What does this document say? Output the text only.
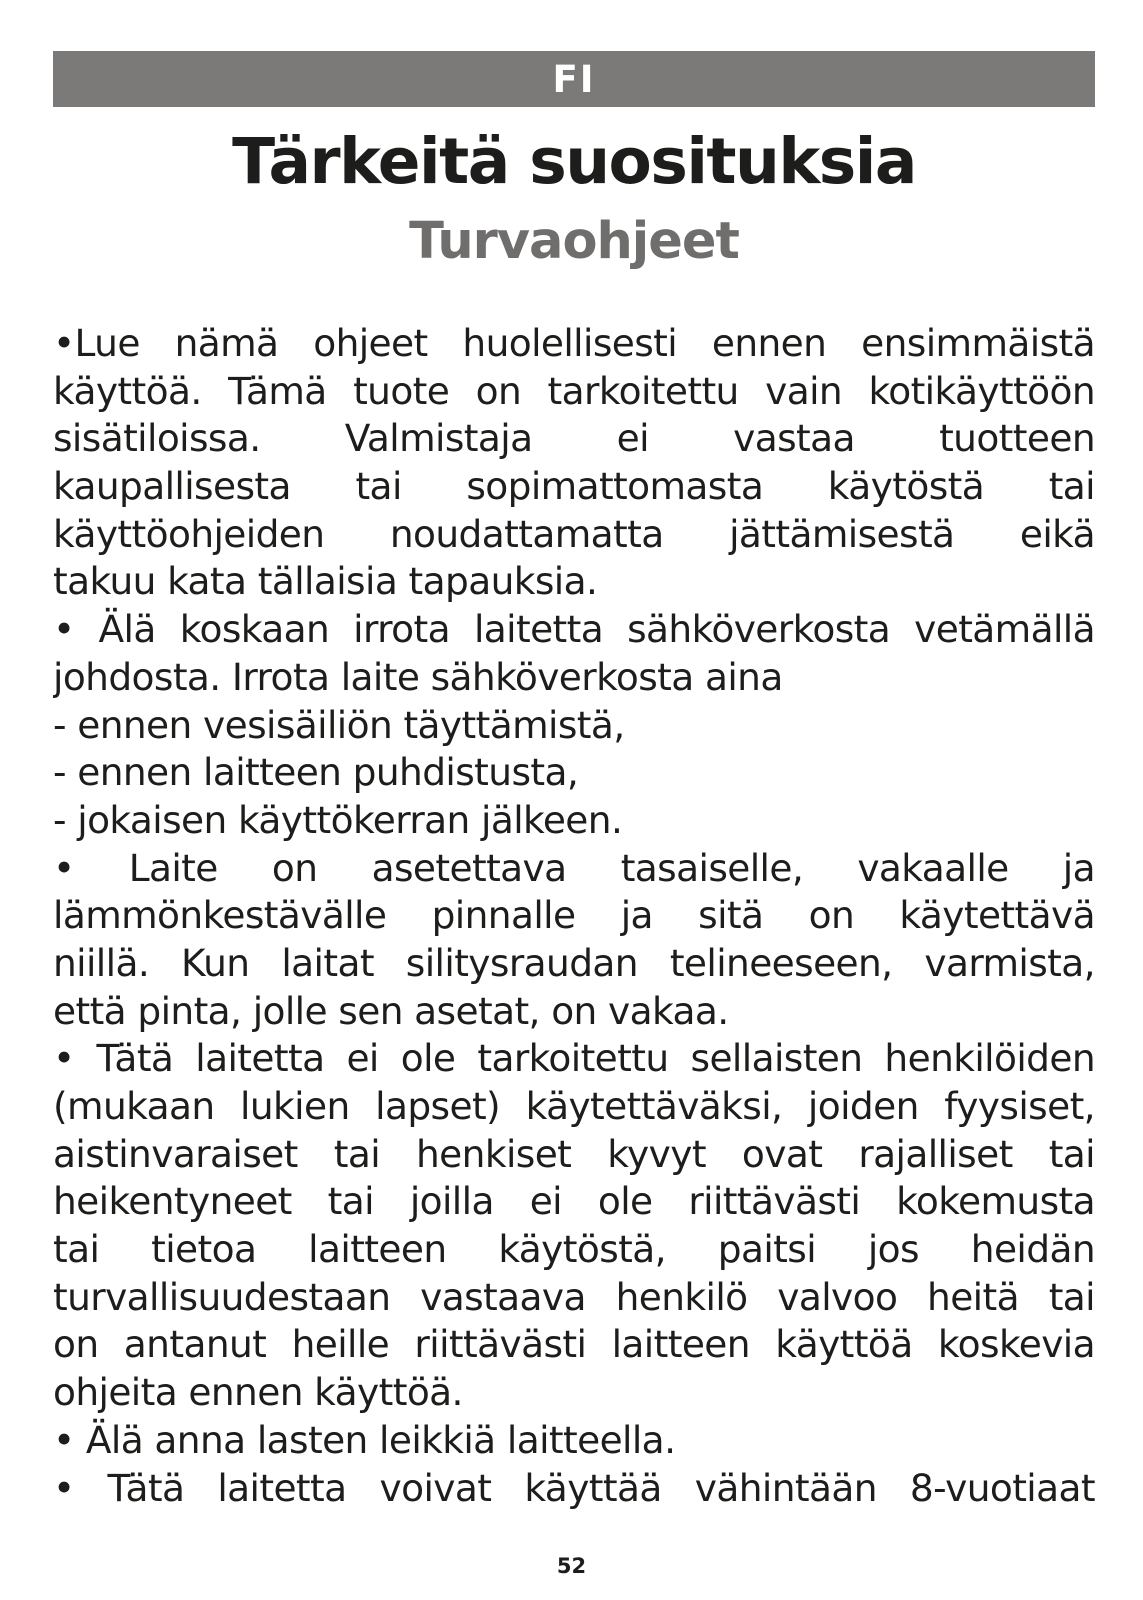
FI
Tärkeitä suosituksia
Turvaohjeet
•Lue nämä ohjeet huolellisesti ennen ensimmäistä
käyttöä. Tämä tuote on tarkoitettu vain kotikäyttöön
sisätiloissa. Valmistaja ei vastaa tuotteen
kaupallisesta tai sopimattomasta käytöstä tai
käyttöohjeiden noudattamatta jättämisestä eikä
takuu kata tällaisia tapauksia.
• Älä koskaan irrota laitetta sähköverkosta vetämällä
johdosta. Irrota laite sähköverkosta aina
- ennen vesisäiliön täyttämistä,
- ennen laitteen puhdistusta,
- jokaisen käyttökerran jälkeen.
• Laite on asetettava tasaiselle, vakaalle ja
lämmönkestävälle pinnalle ja sitä on käytettävä
niillä. Kun laitat silitysraudan telineeseen, varmista,
että pinta, jolle sen asetat, on vakaa.
• Tätä laitetta ei ole tarkoitettu sellaisten henkilöiden
(mukaan lukien lapset) käytettäväksi, joiden fyysiset,
aistinvaraiset tai henkiset kyvyt ovat rajalliset tai
heikentyneet tai joilla ei ole riittävästi kokemusta
tai tietoa laitteen käytöstä, paitsi jos heidän
turvallisuudestaan vastaava henkilö valvoo heitä tai
on antanut heille riittävästi laitteen käyttöä koskevia
ohjeita ennen käyttöä.
• Älä anna lasten leikkiä laitteella.
• Tätä laitetta voivat käyttää vähintään 8-vuotiaat
52
